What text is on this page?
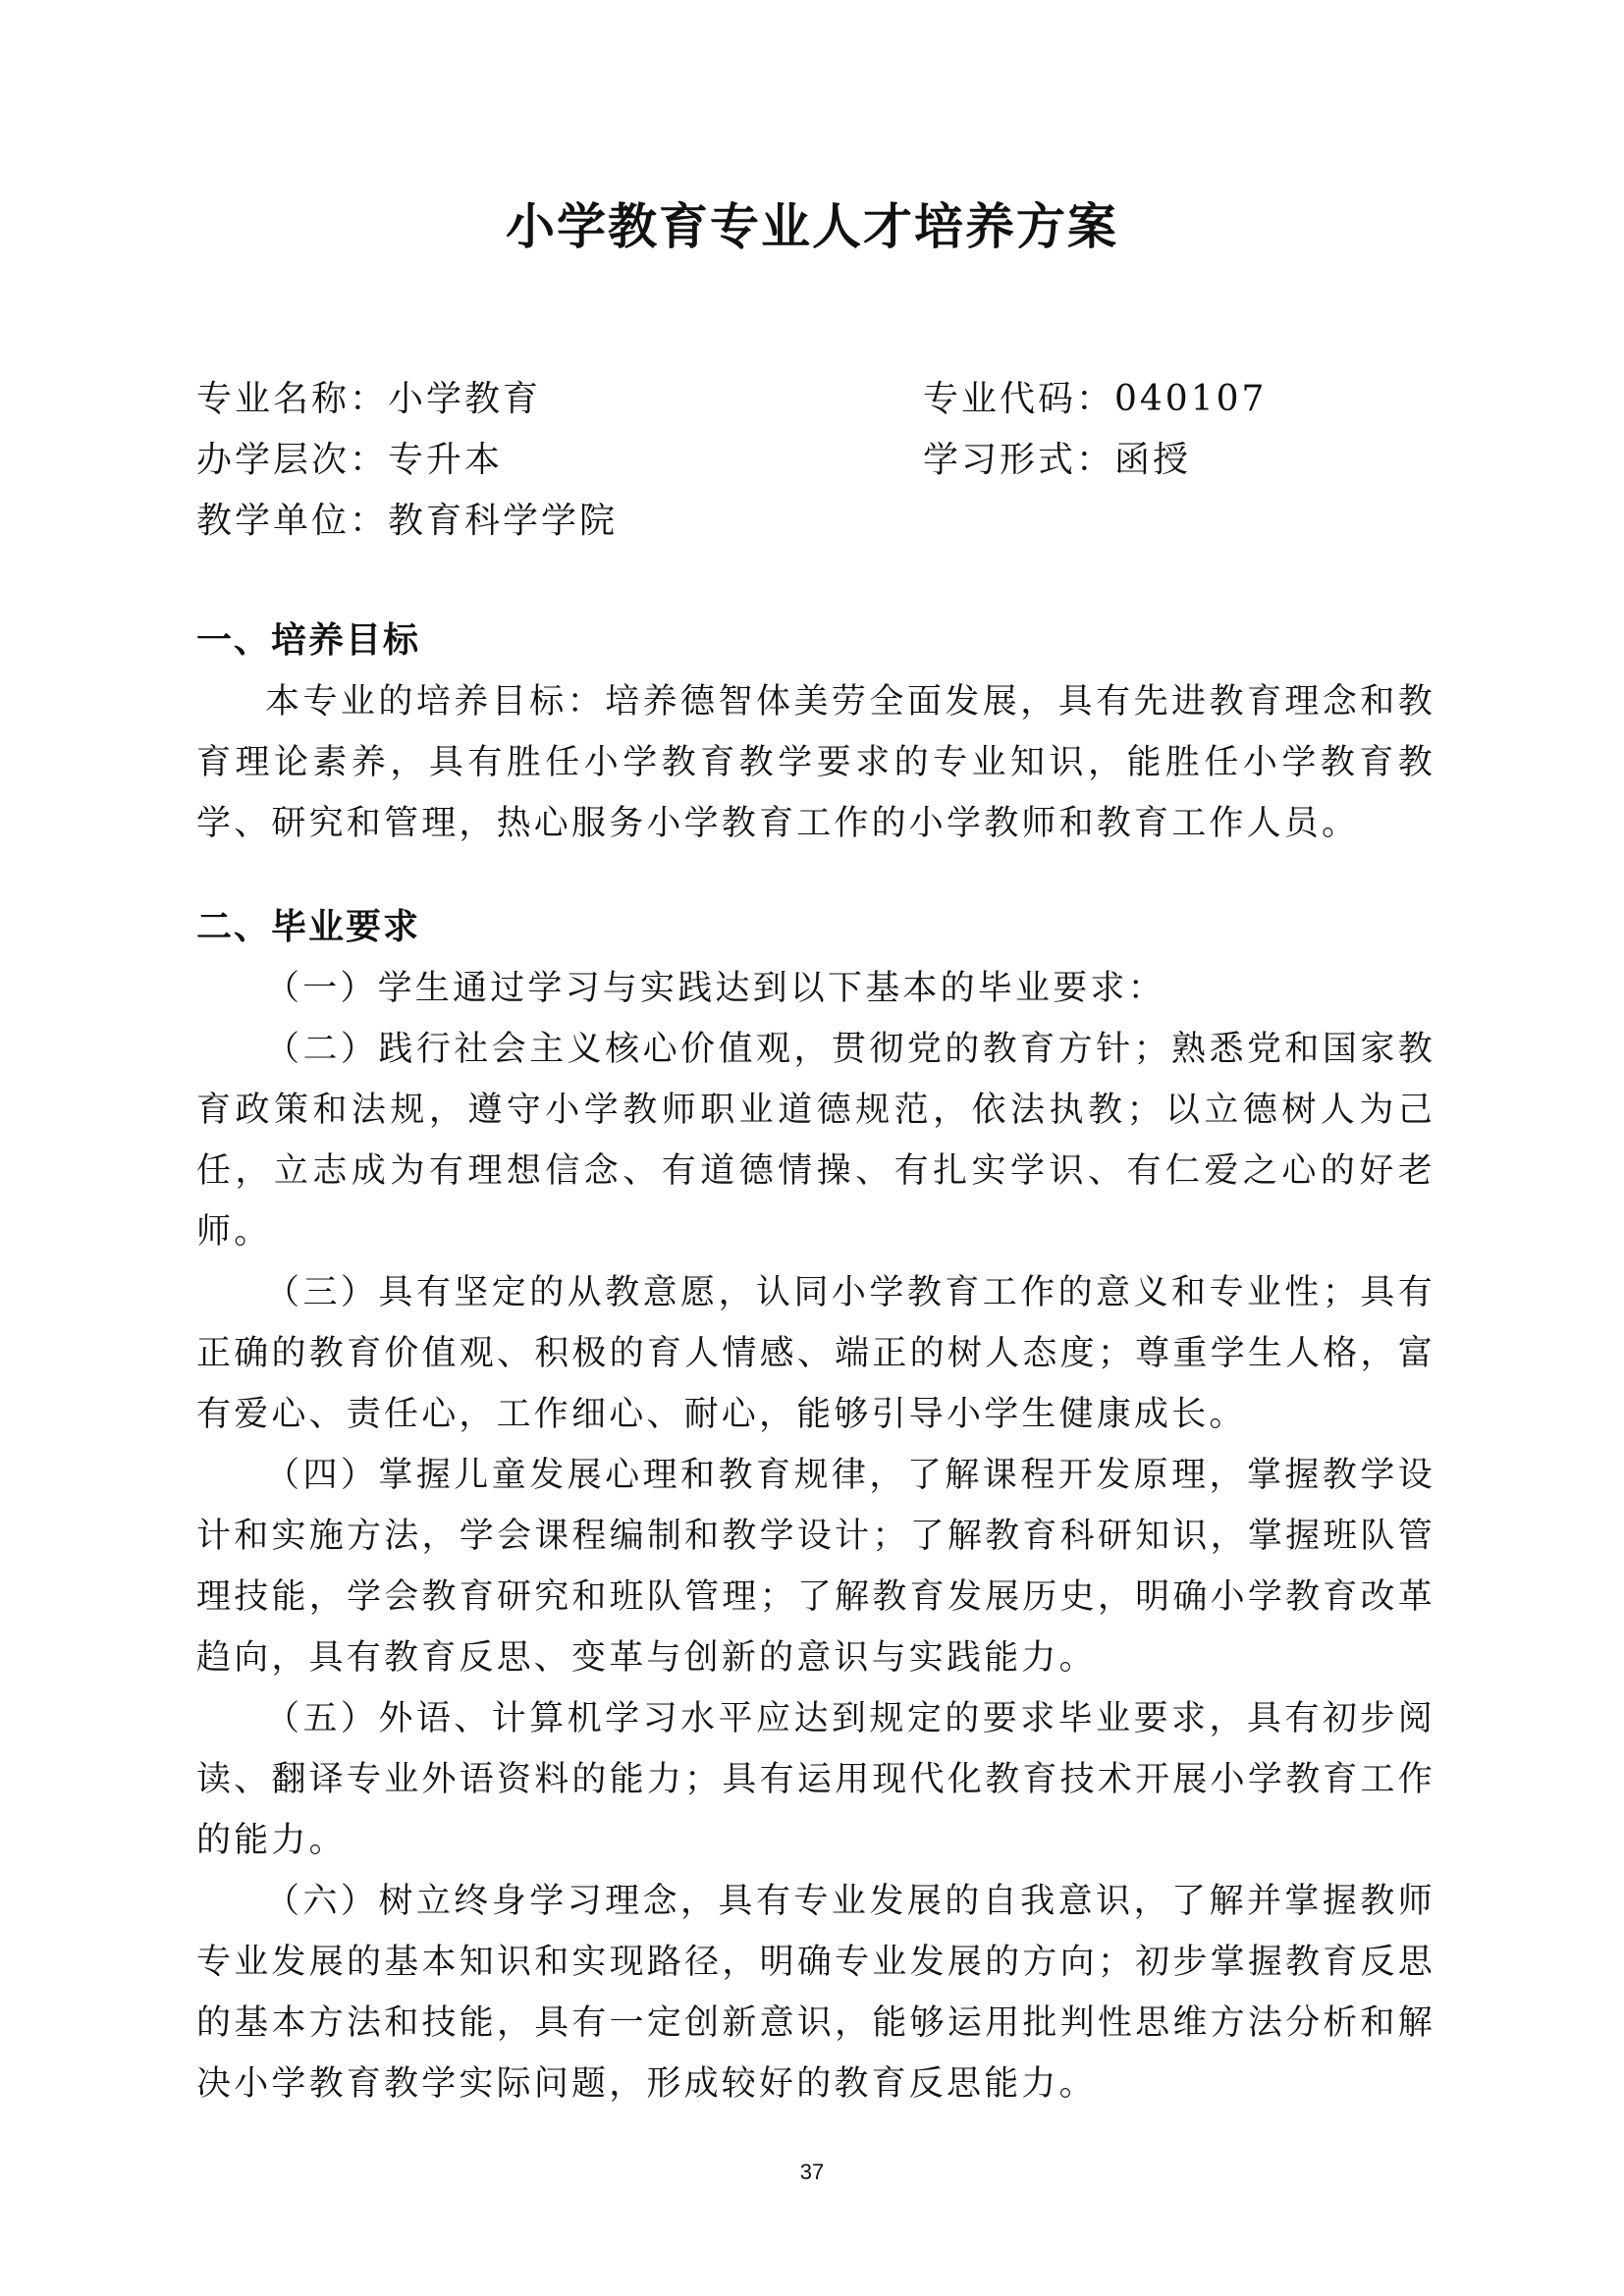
小学教育专业人才培养方案
专业名称：小学教育	专业代码：040107
办学层次：专升本	学习形式：函授
教学单位：教育科学学院
一、培养目标

本专业的培养目标：培养德智体美劳全面发展，具有先进教育理念和教育理论素养，具有胜任小学教育教学要求的专业知识，能胜任小学教育教学、研究和管理，热心服务小学教育工作的小学教师和教育工作人员。

二、毕业要求

（一）学生通过学习与实践达到以下基本的毕业要求：

（二）践行社会主义核心价值观，贯彻党的教育方针；熟悉党和国家教育政策和法规，遵守小学教师职业道德规范，依法执教；以立德树人为己任，立志成为有理想信念、有道德情操、有扎实学识、有仁爱之心的好老师。

（三）具有坚定的从教意愿，认同小学教育工作的意义和专业性；具有正确的教育价值观、积极的育人情感、端正的树人态度；尊重学生人格，富有爱心、责任心，工作细心、耐心，能够引导小学生健康成长。

（四）掌握儿童发展心理和教育规律，了解课程开发原理，掌握教学设计和实施方法，学会课程编制和教学设计；了解教育科研知识，掌握班队管理技能，学会教育研究和班队管理；了解教育发展历史，明确小学教育改革趋向，具有教育反思、变革与创新的意识与实践能力。

（五）外语、计算机学习水平应达到规定的要求毕业要求，具有初步阅读、翻译专业外语资料的能力；具有运用现代化教育技术开展小学教育工作的能力。

（六）树立终身学习理念，具有专业发展的自我意识，了解并掌握教师专业发展的基本知识和实现路径，明确专业发展的方向；初步掌握教育反思的基本方法和技能，具有一定创新意识，能够运用批判性思维方法分析和解决小学教育教学实际问题，形成较好的教育反思能力。

37
